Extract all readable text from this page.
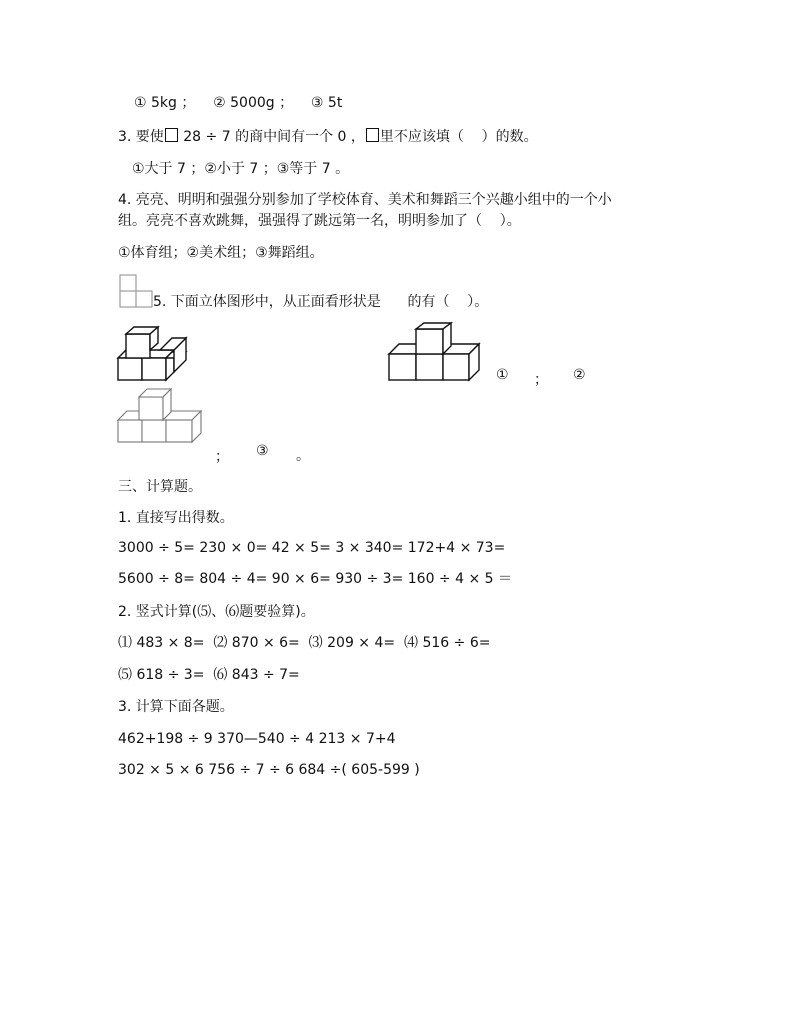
① 5kg ；    ② 5000g ；    ③ 5t
3. 要使 28 ÷ 7 的商中间有一个 0 ， 里不应该填（    ）的数。
①大于 7 ；②小于 7 ；③等于 7 。
4. 亮亮、明明和强强分别参加了学校体育、美术和舞蹈三个兴趣小组中的一个小
组。亮亮不喜欢跳舞，强强得了跳远第一名，明明参加了（    ）。
①体育组；②美术组；③舞蹈组。
5. 下面立体图形中，从正面看形状是      的有（    ）。
① ； ②
； ③ 。
三、计算题。
1. 直接写出得数。
3000 ÷ 5= 230 × 0= 42 × 5= 3 × 340= 172+4 × 73=
5600 ÷ 8= 804 ÷ 4= 90 × 6= 930 ÷ 3= 160 ÷ 4 × 5 ＝
2. 竖式计算(⑸、⑹题要验算)。
⑴ 483 × 8=  ⑵ 870 × 6=  ⑶ 209 × 4=  ⑷ 516 ÷ 6=
⑸ 618 ÷ 3=  ⑹ 843 ÷ 7=
3. 计算下面各题。
462+198 ÷ 9 370—540 ÷ 4 213 × 7+4
302 × 5 × 6 756 ÷ 7 ÷ 6 684 ÷( 605-599 )
